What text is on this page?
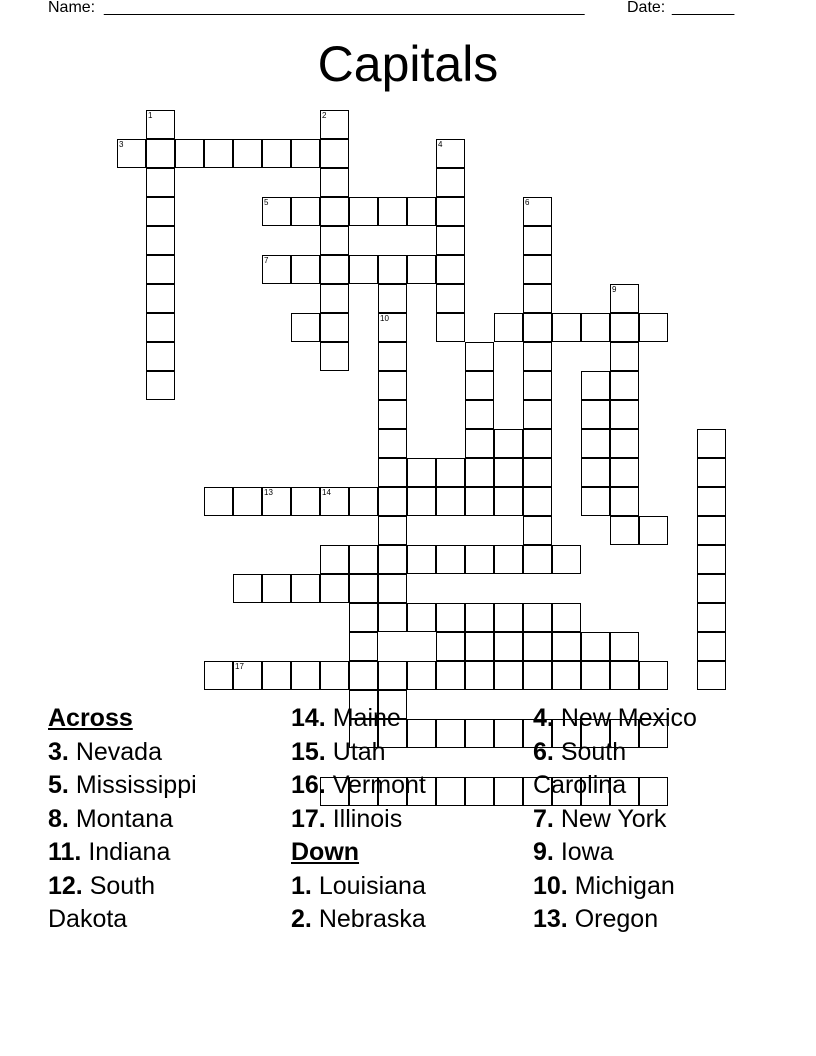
Name: ______________________________________________________	Date: _______
Capitals
1	2
3	4
5	6
7
9
10
13	14
17
Across
3. Nevada
5. Mississippi
8. Montana
11. Indiana
12. South Dakota
14. Maine
15. Utah
16. Vermont
17. Illinois
Down
1. Louisiana
2. Nebraska
4. New Mexico
6. South Carolina
7. New York
9. Iowa
10. Michigan
13. Oregon
